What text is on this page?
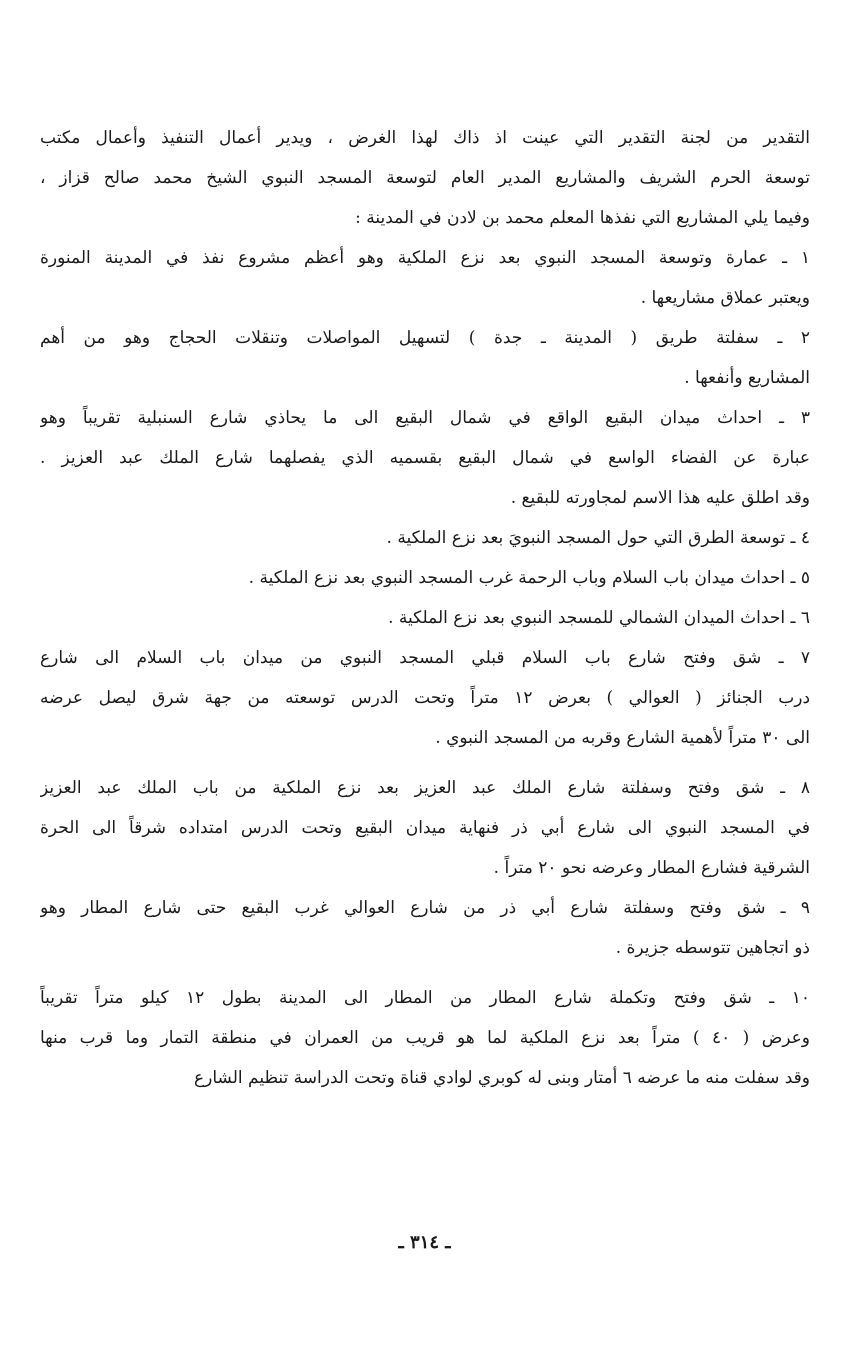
التقدير من لجنة التقدير التي عينت اذ ذاك لهذا الغرض ، ويدير أعمال التنفيذ وأعمال مكتب
توسعة الحرم الشريف والمشاريع المدير العام لتوسعة المسجد النبوي الشيخ محمد صالح قزاز ،
وفيما يلي المشاريع التي نفذها المعلم محمد بن لادن في المدينة :

١ ـ عمارة وتوسعة المسجد النبوي بعد نزع الملكية وهو أعظم مشروع نفذ في المدينة المنورة
ويعتبر عملاق مشاريعها .

٢ ـ سفلتة طريق ( المدينة ـ جدة ) لتسهيل المواصلات وتنقلات الحجاج وهو من أهم
المشاريع وأنفعها .

٣ ـ احداث ميدان البقيع الواقع في شمال البقيع الى ما يحاذي شارع السنبلية تقريباً وهو
عبارة عن الفضاء الواسع في شمال البقيع بقسميه الذي يفصلهما شارع الملك عبد العزيز .
وقد اطلق عليه هذا الاسم لمجاورته للبقيع .

٤ ـ توسعة الطرق التي حول المسجد النبويَ بعد نزع الملكية .

٥ ـ احداث ميدان باب السلام وباب الرحمة غرب المسجد النبوي بعد نزع الملكية .

٦ ـ احداث الميدان الشمالي للمسجد النبوي بعد نزع الملكية .

٧ ـ شق وفتح شارع باب السلام قبلي المسجد النبوي من ميدان باب السلام الى شارع
درب الجنائز ( العوالي ) بعرض ١٢ متراً وتحت الدرس توسعته من جهة شرق ليصل عرضه
الى ٣٠ متراً لأهمية الشارع وقربه من المسجد النبوي .

٨ ـ شق وفتح وسفلتة شارع الملك عبد العزيز بعد نزع الملكية من باب الملك عبد العزيز
في المسجد النبوي الى شارع أبي ذر فنهاية ميدان البقيع وتحت الدرس امتداده شرقاً الى الحرة
الشرقية فشارع المطار وعرضه نحو ٢٠ متراً .

٩ ـ شق وفتح وسفلتة شارع أبي ذر من شارع العوالي غرب البقيع حتى شارع المطار وهو
ذو اتجاهين تتوسطه جزيرة .

١٠ ـ شق وفتح وتكملة شارع المطار من المطار الى المدينة بطول ١٢ كيلو متراً تقريباً
وعرض ( ٤٠ ) متراً بعد نزع الملكية لما هو قريب من العمران في منطقة التمار وما قرب منها
وقد سفلت منه ما عرضه ٦ أمتار وبنى له كوبري لوادي قناة وتحت الدراسة تنظيم الشارع

ـ ٣١٤ ـ
